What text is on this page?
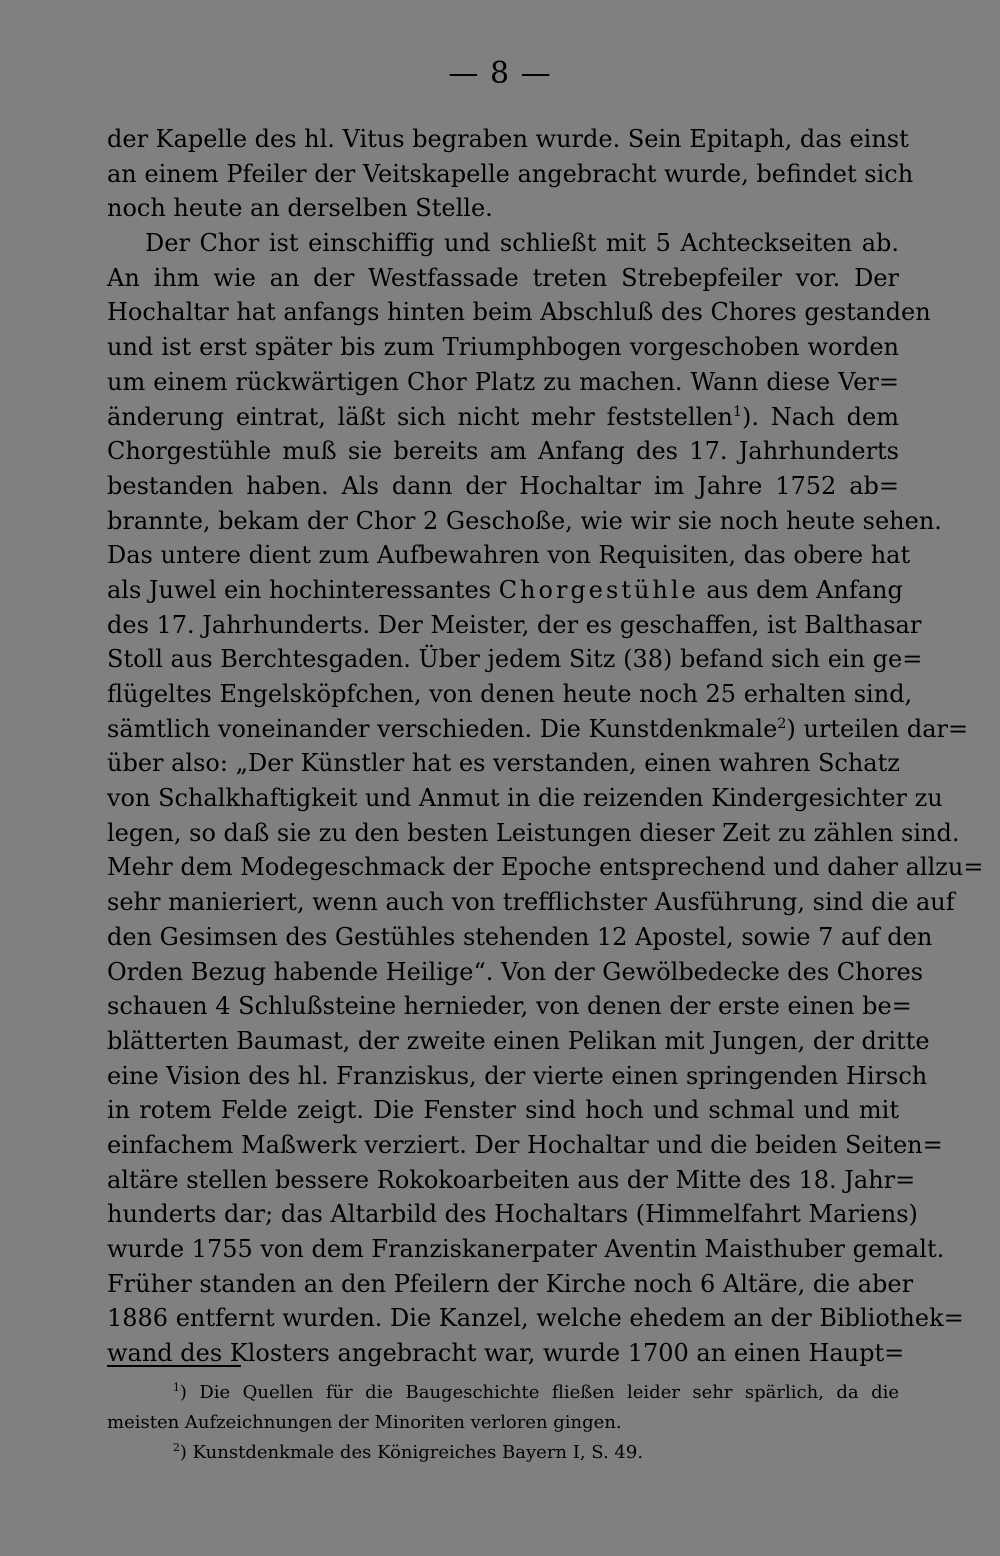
— 8 —
der Kapelle des hl. Vitus begraben wurde. Sein Epitaph, das einst
an einem Pfeiler der Veitskapelle angebracht wurde, befindet sich
noch heute an derselben Stelle.
Der Chor ist einschiffig und schließt mit 5 Achteckseiten ab.
An ihm wie an der Westfassade treten Strebepfeiler vor. Der
Hochaltar hat anfangs hinten beim Abschluß des Chores gestanden
und ist erst später bis zum Triumphbogen vorgeschoben worden
um einem rückwärtigen Chor Platz zu machen. Wann diese Ver=
änderung eintrat, läßt sich nicht mehr feststellen$^1$). Nach dem
Chorgestühle muß sie bereits am Anfang des 17. Jahrhunderts
bestanden haben. Als dann der Hochaltar im Jahre 1752 ab=
brannte, bekam der Chor 2 Geschoße, wie wir sie noch heute sehen.
Das untere dient zum Aufbewahren von Requisiten, das obere hat
als Juwel ein hochinteressantes Chorgestühle aus dem Anfang
des 17. Jahrhunderts. Der Meister, der es geschaffen, ist Balthasar
Stoll aus Berchtesgaden. Über jedem Sitz (38) befand sich ein ge=
flügeltes Engelsköpfchen, von denen heute noch 25 erhalten sind,
sämtlich voneinander verschieden. Die Kunstdenkmale$^2$) urteilen dar=
über also: „Der Künstler hat es verstanden, einen wahren Schatz
von Schalkhaftigkeit und Anmut in die reizenden Kindergesichter zu
legen, so daß sie zu den besten Leistungen dieser Zeit zu zählen sind.
Mehr dem Modegeschmack der Epoche entsprechend und daher allzu=
sehr manieriert, wenn auch von trefflichster Ausführung, sind die auf
den Gesimsen des Gestühles stehenden 12 Apostel, sowie 7 auf den
Orden Bezug habende Heilige“. Von der Gewölbedecke des Chores
schauen 4 Schlußsteine hernieder, von denen der erste einen be=
blätterten Baumast, der zweite einen Pelikan mit Jungen, der dritte
eine Vision des hl. Franziskus, der vierte einen springenden Hirsch
in rotem Felde zeigt. Die Fenster sind hoch und schmal und mit
einfachem Maßwerk verziert. Der Hochaltar und die beiden Seiten=
altäre stellen bessere Rokokoarbeiten aus der Mitte des 18. Jahr=
hunderts dar; das Altarbild des Hochaltars (Himmelfahrt Mariens)
wurde 1755 von dem Franziskanerpater Aventin Maisthuber gemalt.
Früher standen an den Pfeilern der Kirche noch 6 Altäre, die aber
1886 entfernt wurden. Die Kanzel, welche ehedem an der Bibliothek=
wand des Klosters angebracht war, wurde 1700 an einen Haupt=
$^1$) Die Quellen für die Baugeschichte fließen leider sehr spärlich, da die
meisten Aufzeichnungen der Minoriten verloren gingen.
$^2$) Kunstdenkmale des Königreiches Bayern I, S. 49.
